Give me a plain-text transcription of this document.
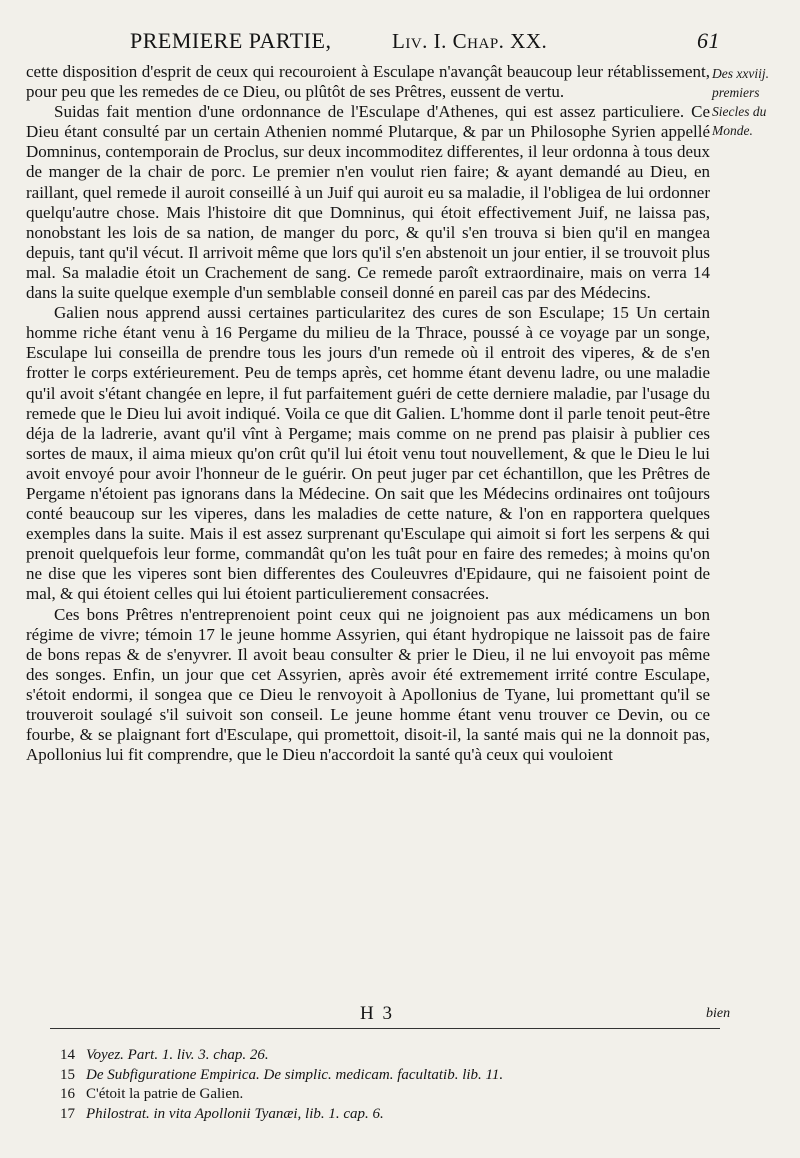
PREMIERE PARTIE,	Liv. I. Chap. XX.	61
Des xxviij. premiers Siecles du Monde.

cette disposition d'esprit de ceux qui recouroient à Esculape n'avançât beaucoup leur rétablissement, pour peu que les remedes de ce Dieu, ou plûtôt de ses Prêtres, eussent de vertu.

Suidas fait mention d'une ordonnance de l'Esculape d'Athenes, qui est assez particuliere. Ce Dieu étant consulté par un certain Athenien nommé Plutarque, & par un Philosophe Syrien appellé Domninus, contemporain de Proclus, sur deux incommoditez differentes, il leur ordonna à tous deux de manger de la chair de porc. Le premier n'en voulut rien faire; & ayant demandé au Dieu, en raillant, quel remede il auroit conseillé à un Juif qui auroit eu sa maladie, il l'obligea de lui ordonner quelqu'autre chose. Mais l'histoire dit que Domninus, qui étoit effectivement Juif, ne laissa pas, nonobstant les lois de sa nation, de manger du porc, & qu'il s'en trouva si bien qu'il en mangea depuis, tant qu'il vécut. Il arrivoit même que lors qu'il s'en abstenoit un jour entier, il se trouvoit plus mal. Sa maladie étoit un Crachement de sang. Ce remede paroît extraordinaire, mais on verra 14 dans la suite quelque exemple d'un semblable conseil donné en pareil cas par des Médecins.

Galien nous apprend aussi certaines particularitez des cures de son Esculape; 15 Un certain homme riche étant venu à 16 Pergame du milieu de la Thrace, poussé à ce voyage par un songe, Esculape lui conseilla de prendre tous les jours d'un remede où il entroit des viperes, & de s'en frotter le corps extérieurement. Peu de temps après, cet homme étant devenu ladre, ou une maladie qu'il avoit s'étant changée en lepre, il fut parfaitement guéri de cette derniere maladie, par l'usage du remede que le Dieu lui avoit indiqué. Voila ce que dit Galien. L'homme dont il parle tenoit peut-être déja de la ladrerie, avant qu'il vînt à Pergame; mais comme on ne prend pas plaisir à publier ces sortes de maux, il aima mieux qu'on crût qu'il lui étoit venu tout nouvellement, & que le Dieu le lui avoit envoyé pour avoir l'honneur de le guérir. On peut juger par cet échantillon, que les Prêtres de Pergame n'étoient pas ignorans dans la Médecine. On sait que les Médecins ordinaires ont toûjours conté beaucoup sur les viperes, dans les maladies de cette nature, & l'on en rapportera quelques exemples dans la suite. Mais il est assez surprenant qu'Esculape qui aimoit si fort les serpens & qui prenoit quelquefois leur forme, commandât qu'on les tuât pour en faire des remedes; à moins qu'on ne dise que les viperes sont bien differentes des Couleuvres d'Epidaure, qui ne faisoient point de mal, & qui étoient celles qui lui étoient particulierement consacrées.

Ces bons Prêtres n'entreprenoient point ceux qui ne joignoient pas aux médicamens un bon régime de vivre; témoin 17 le jeune homme Assyrien, qui étant hydropique ne laissoit pas de faire de bons repas & de s'enyvrer. Il avoit beau consulter & prier le Dieu, il ne lui envoyoit pas même des songes. Enfin, un jour que cet Assyrien, après avoir été extremement irrité contre Esculape, s'étoit endormi, il songea que ce Dieu le renvoyoit à Apollonius de Tyane, lui promettant qu'il se trouveroit soulagé s'il suivoit son conseil. Le jeune homme étant venu trouver ce Devin, ou ce fourbe, & se plaignant fort d'Esculape, qui promettoit, disoit-il, la santé mais qui ne la donnoit pas, Apollonius lui fit comprendre, que le Dieu n'accordoit la santé qu'à ceux qui vouloient

H 3	bien
14 Voyez. Part. 1. liv. 3. chap. 26.
15 De Subfiguratione Empirica. De simplic. medicam. facultatib. lib. 11.
16 C'étoit la patrie de Galien.
17 Philostrat. in vita Apollonii Tyanæi, lib. 1. cap. 6.
